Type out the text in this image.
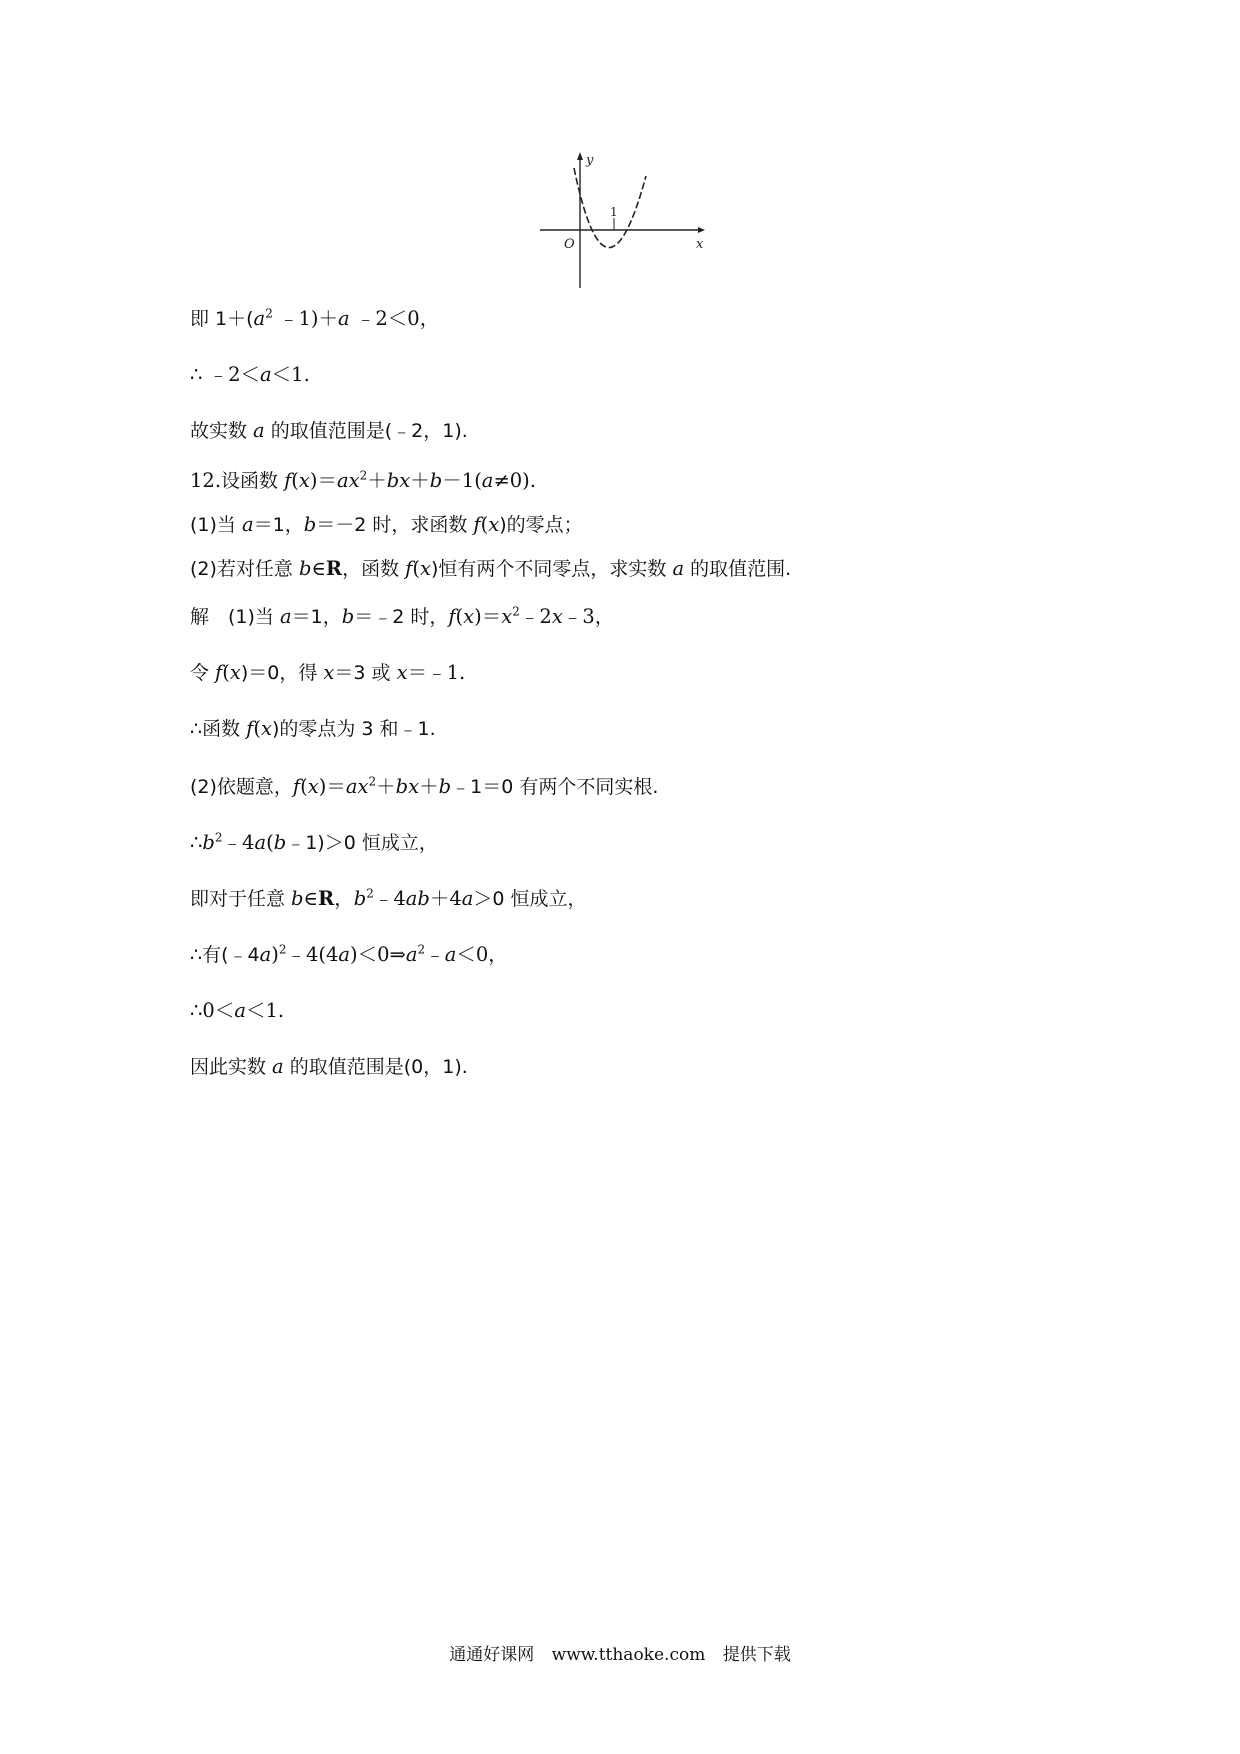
y
x
O
1
即 $1+(a^2$ ﹣1)＋a ﹣2＜0，
∴ ﹣2＜a＜1.
故实数 a 的取值范围是(﹣2，1).
12.设函数 $f(x)=ax^2+bx+b-1(a\ne 0)$.
(1)当 a＝1，b＝－2 时，求函数 f(x)的零点；
(2)若对任意 b∈R，函数 f(x)恒有两个不同零点，求实数 a 的取值范围.
解　(1)当 a＝1，b＝﹣2 时，$f(x)=x^2﹣2x﹣3$，
令 f(x)＝0，得 x＝3 或 x＝﹣1.
∴函数 f(x)的零点为 3 和﹣1.
(2)依题意，$f(x)=ax^2+bx+b﹣1=0$ 有两个不同实根.
$\therefore b^2﹣4a(b﹣1)>0$ 恒成立，
即对于任意 b∈R，$b^2﹣4ab+4a>0$ 恒成立，
∴有$(﹣4a)^2﹣4(4a)<0\Rightarrow a^2﹣a<0$，
∴0＜a＜1.
因此实数 a 的取值范围是(0，1).
通通好课网 www.tthaoke.com 提供下载
